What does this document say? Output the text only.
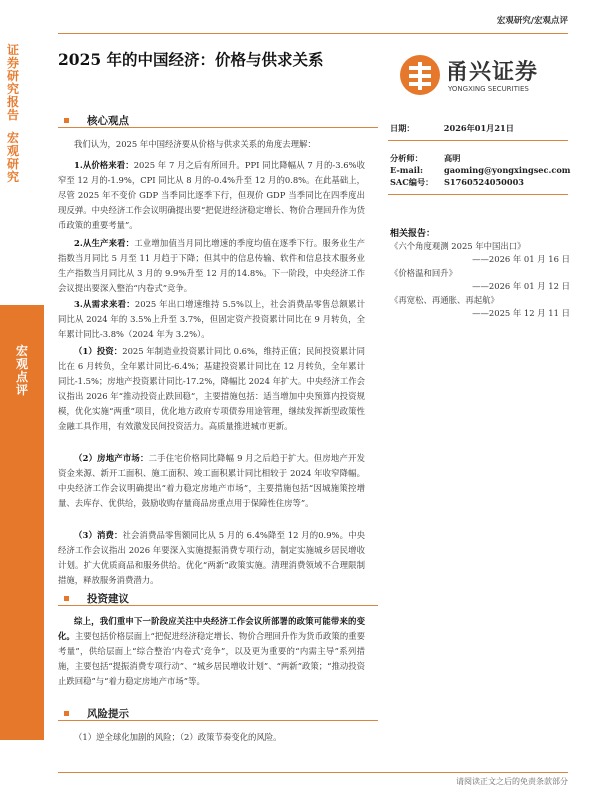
宏观研究/宏观点评
证
券
研
究
报
告
宏
观
研
究
宏
观
点
评
2025 年的中国经济：价格与供求关系
甬兴证券
YONGXING SECURITIES
核心观点
我们认为，2025 年中国经济要从价格与供求关系的角度去理解：
1.从价格来看：2025 年 7 月之后有所回升。PPI 同比降幅从 7 月的-3.6%收窄至 12 月的-1.9%，CPI 同比从 8 月的-0.4%升至 12 月的0.8%。在此基础上，尽管 2025 年不变价 GDP 当季同比逐季下行，但现价 GDP 当季同比在四季度出现反弹。中央经济工作会议明确提出要“把促进经济稳定增长、物价合理回升作为货币政策的重要考量”。
2.从生产来看：工业增加值当月同比增速的季度均值在逐季下行。服务业生产指数当月同比 5 月至 11 月趋于下降；但其中的信息传输、软件和信息技术服务业生产指数当月同比从 3 月的 9.9%升至 12 月的14.8%。下一阶段，中央经济工作会议提出要深入整治“内卷式”竞争。
3.从需求来看：2025 年出口增速维持 5.5%以上，社会消费品零售总额累计同比从 2024 年的 3.5%上升至 3.7%，但固定资产投资累计同比在 9 月转负，全年累计同比-3.8%（2024 年为 3.2%）。
（1）投资：2025 年制造业投资累计同比 0.6%，维持正值；民间投资累计同比在 6 月转负，全年累计同比-6.4%；基建投资累计同比在 12 月转负，全年累计同比-1.5%；房地产投资累计同比-17.2%，降幅比 2024 年扩大。中央经济工作会议指出 2026 年“推动投资止跌回稳”，主要措施包括：适当增加中央预算内投资规模，优化实施“两重”项目，优化地方政府专项债券用途管理，继续发挥新型政策性金融工具作用，有效激发民间投资活力。高质量推进城市更新。
（2）房地产市场：二手住宅价格同比降幅 9 月之后趋于扩大。但房地产开发资金来源、新开工面积、施工面积、竣工面积累计同比相较于 2024 年收窄降幅。中央经济工作会议明确提出“着力稳定房地产市场”，主要措施包括“因城施策控增量、去库存、优供给，鼓励收购存量商品房重点用于保障性住房等”。
（3）消费：社会消费品零售额同比从 5 月的 6.4%降至 12 月的0.9%。中央经济工作会议指出 2026 年要深入实施提振消费专项行动，制定实施城乡居民增收计划。扩大优质商品和服务供给。优化“两新”政策实施。清理消费领域不合理限制措施，释放服务消费潜力。
投资建议
综上，我们重申下一阶段应关注中央经济工作会议所部署的政策可能带来的变化。主要包括价格层面上“把促进经济稳定增长、物价合理回升作为货币政策的重要考量”，供给层面上“综合整治‘内卷式’竞争”，以及更为重要的“内需主导”系列措施，主要包括“提振消费专项行动”、“城乡居民增收计划”、“两新”政策；“推动投资止跌回稳”与“着力稳定房地产市场”等。
风险提示
（1）逆全球化加剧的风险；（2）政策节奏变化的风险。
日期：	2026年01月21日
分析师：	高明
E-mail:	gaoming@yongxingsec.com
SAC编号： S1760524050003
相关报告：
《六个角度观测 2025 年中国出口》
——2026 年 01 月 16 日
《价格温和回升》
——2026 年 01 月 12 日
《再宽松、再通胀、再起航》
——2025 年 12 月 11 日
请阅读正文之后的免责条款部分
